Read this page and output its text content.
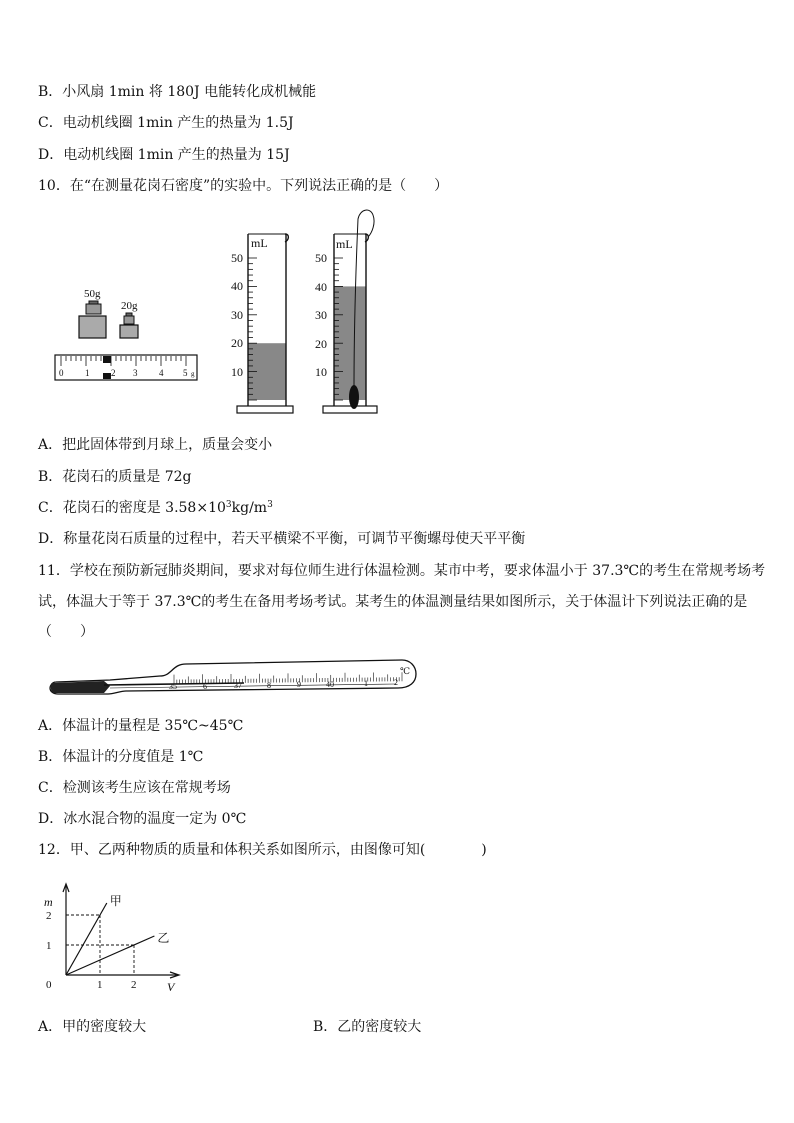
B．小风扇 1min 将 180J 电能转化成机械能
C．电动机线圈 1min 产生的热量为 1.5J
D．电动机线圈 1min 产生的热量为 15J
10．在“在测量花岗石密度”的实验中。下列说法正确的是（　　）
50g
20g
0 1 2 3 4 5 g
mL
50
40
30
20
10
mL
50
40
30
20
10
A．把此固体带到月球上，质量会变小
B．花岗石的质量是 72g
C．花岗石的密度是 $3.58\times 10^3kg/m^3$
D．称量花岗石质量的过程中，若天平横梁不平衡，可调节平衡螺母使天平平衡
11．学校在预防新冠肺炎期间，要求对每位师生进行体温检测。某市中考，要求体温小于 37.3℃的考生在常规考场考
试，体温大于等于 37.3℃的考生在备用考场考试。某考生的体温测量结果如图所示，关于体温计下列说法正确的是
（　　）
35	6	37	8	9	40	1	2
℃
A．体温计的量程是 35℃~45℃
B．体温计的分度值是 1℃
C．检测该考生应该在常规考场
D．冰水混合物的温度一定为 0℃
12．甲、乙两种物质的质量和体积关系如图所示，由图像可知(　　　　)
甲
乙
0	1	2
1
2
m
V
A．甲的密度较大	B．乙的密度较大
